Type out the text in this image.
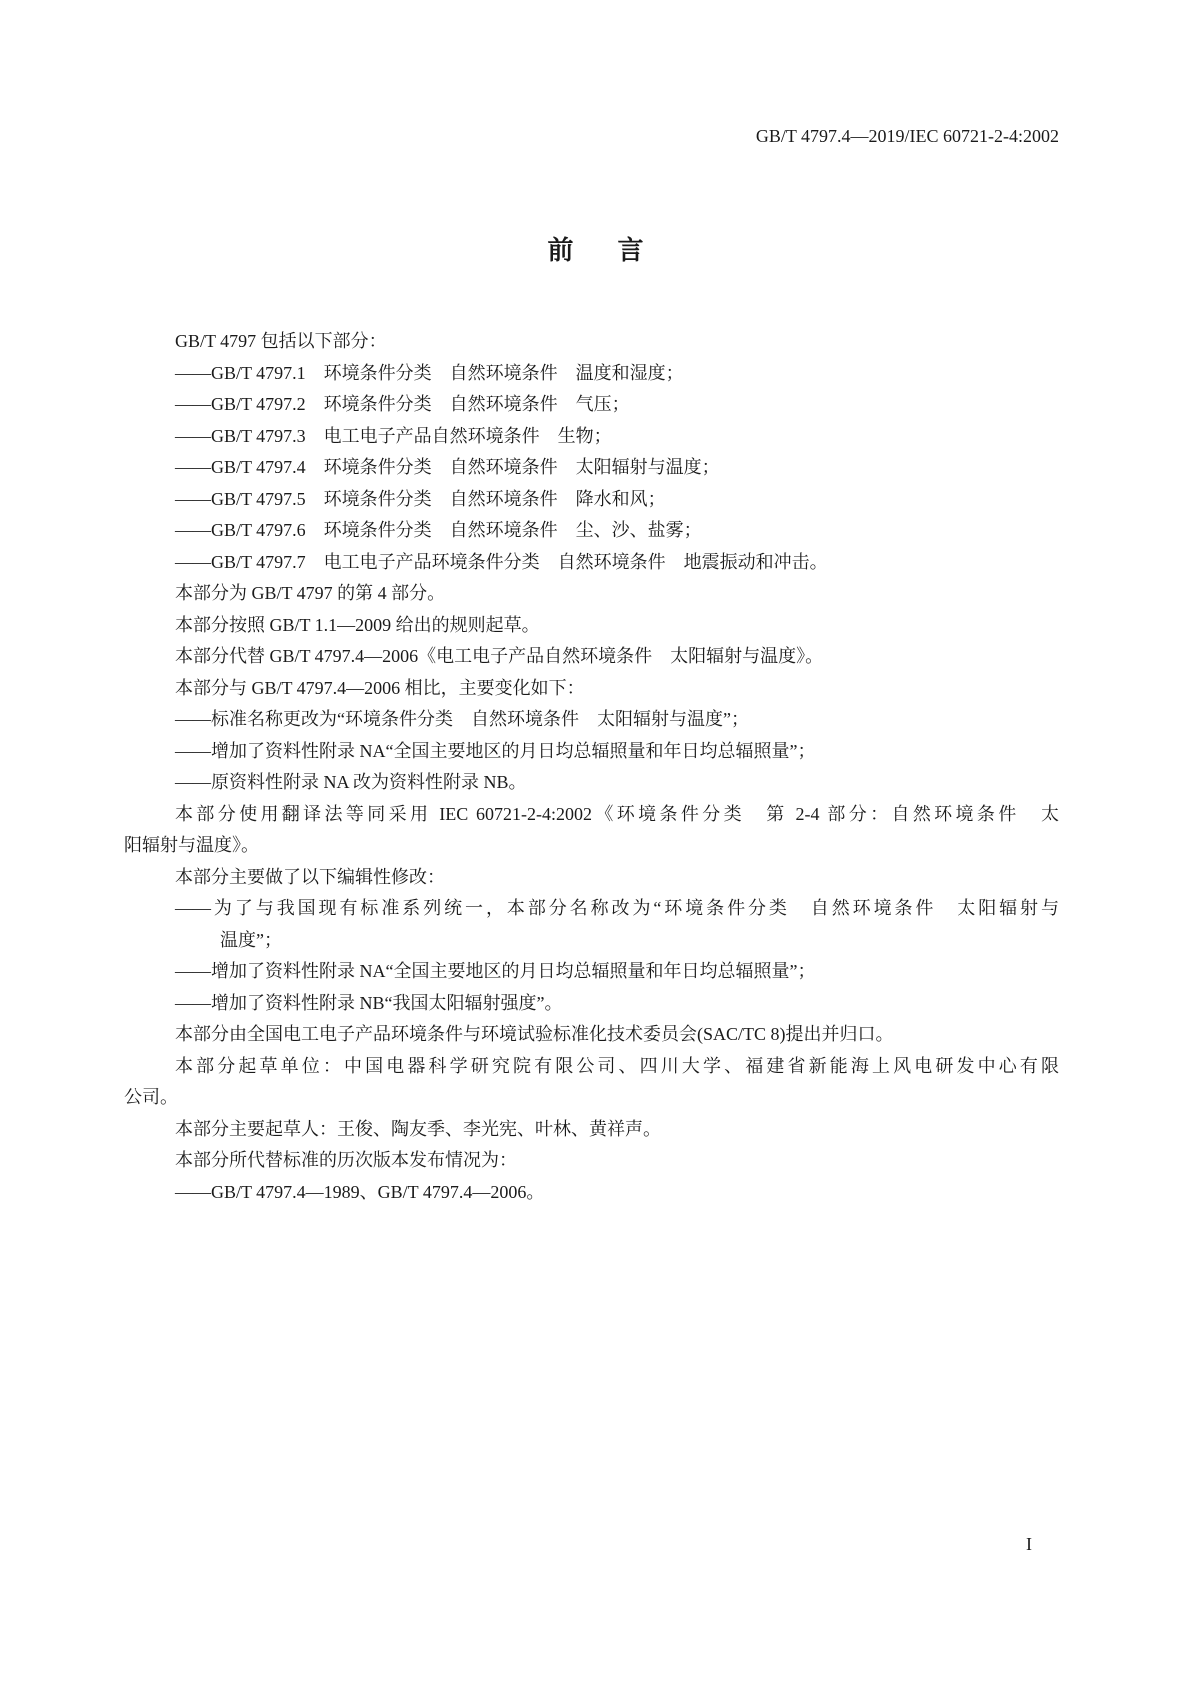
GB/T 4797.4—2019/IEC 60721-2-4:2002
前言
GB/T 4797 包括以下部分：
——GB/T 4797.1　环境条件分类　自然环境条件　温度和湿度；
——GB/T 4797.2　环境条件分类　自然环境条件　气压；
——GB/T 4797.3　电工电子产品自然环境条件　生物；
——GB/T 4797.4　环境条件分类　自然环境条件　太阳辐射与温度；
——GB/T 4797.5　环境条件分类　自然环境条件　降水和风；
——GB/T 4797.6　环境条件分类　自然环境条件　尘、沙、盐雾；
——GB/T 4797.7　电工电子产品环境条件分类　自然环境条件　地震振动和冲击。
本部分为 GB/T 4797 的第 4 部分。
本部分按照 GB/T 1.1—2009 给出的规则起草。
本部分代替 GB/T 4797.4—2006《电工电子产品自然环境条件　太阳辐射与温度》。
本部分与 GB/T 4797.4—2006 相比，主要变化如下：
——标准名称更改为“环境条件分类　自然环境条件　太阳辐射与温度”；
——增加了资料性附录 NA“全国主要地区的月日均总辐照量和年日均总辐照量”；
——原资料性附录 NA 改为资料性附录 NB。
本部分使用翻译法等同采用 IEC 60721-2-4:2002《环境条件分类　第 2-4 部分：自然环境条件　太
阳辐射与温度》。
本部分主要做了以下编辑性修改：
——为了与我国现有标准系列统一，本部分名称改为“环境条件分类　自然环境条件　太阳辐射与
温度”；
——增加了资料性附录 NA“全国主要地区的月日均总辐照量和年日均总辐照量”；
——增加了资料性附录 NB“我国太阳辐射强度”。
本部分由全国电工电子产品环境条件与环境试验标准化技术委员会(SAC/TC 8)提出并归口。
本部分起草单位：中国电器科学研究院有限公司、四川大学、福建省新能海上风电研发中心有限
公司。
本部分主要起草人：王俊、陶友季、李光宪、叶林、黄祥声。
本部分所代替标准的历次版本发布情况为：
——GB/T 4797.4—1989、GB/T 4797.4—2006。
I
